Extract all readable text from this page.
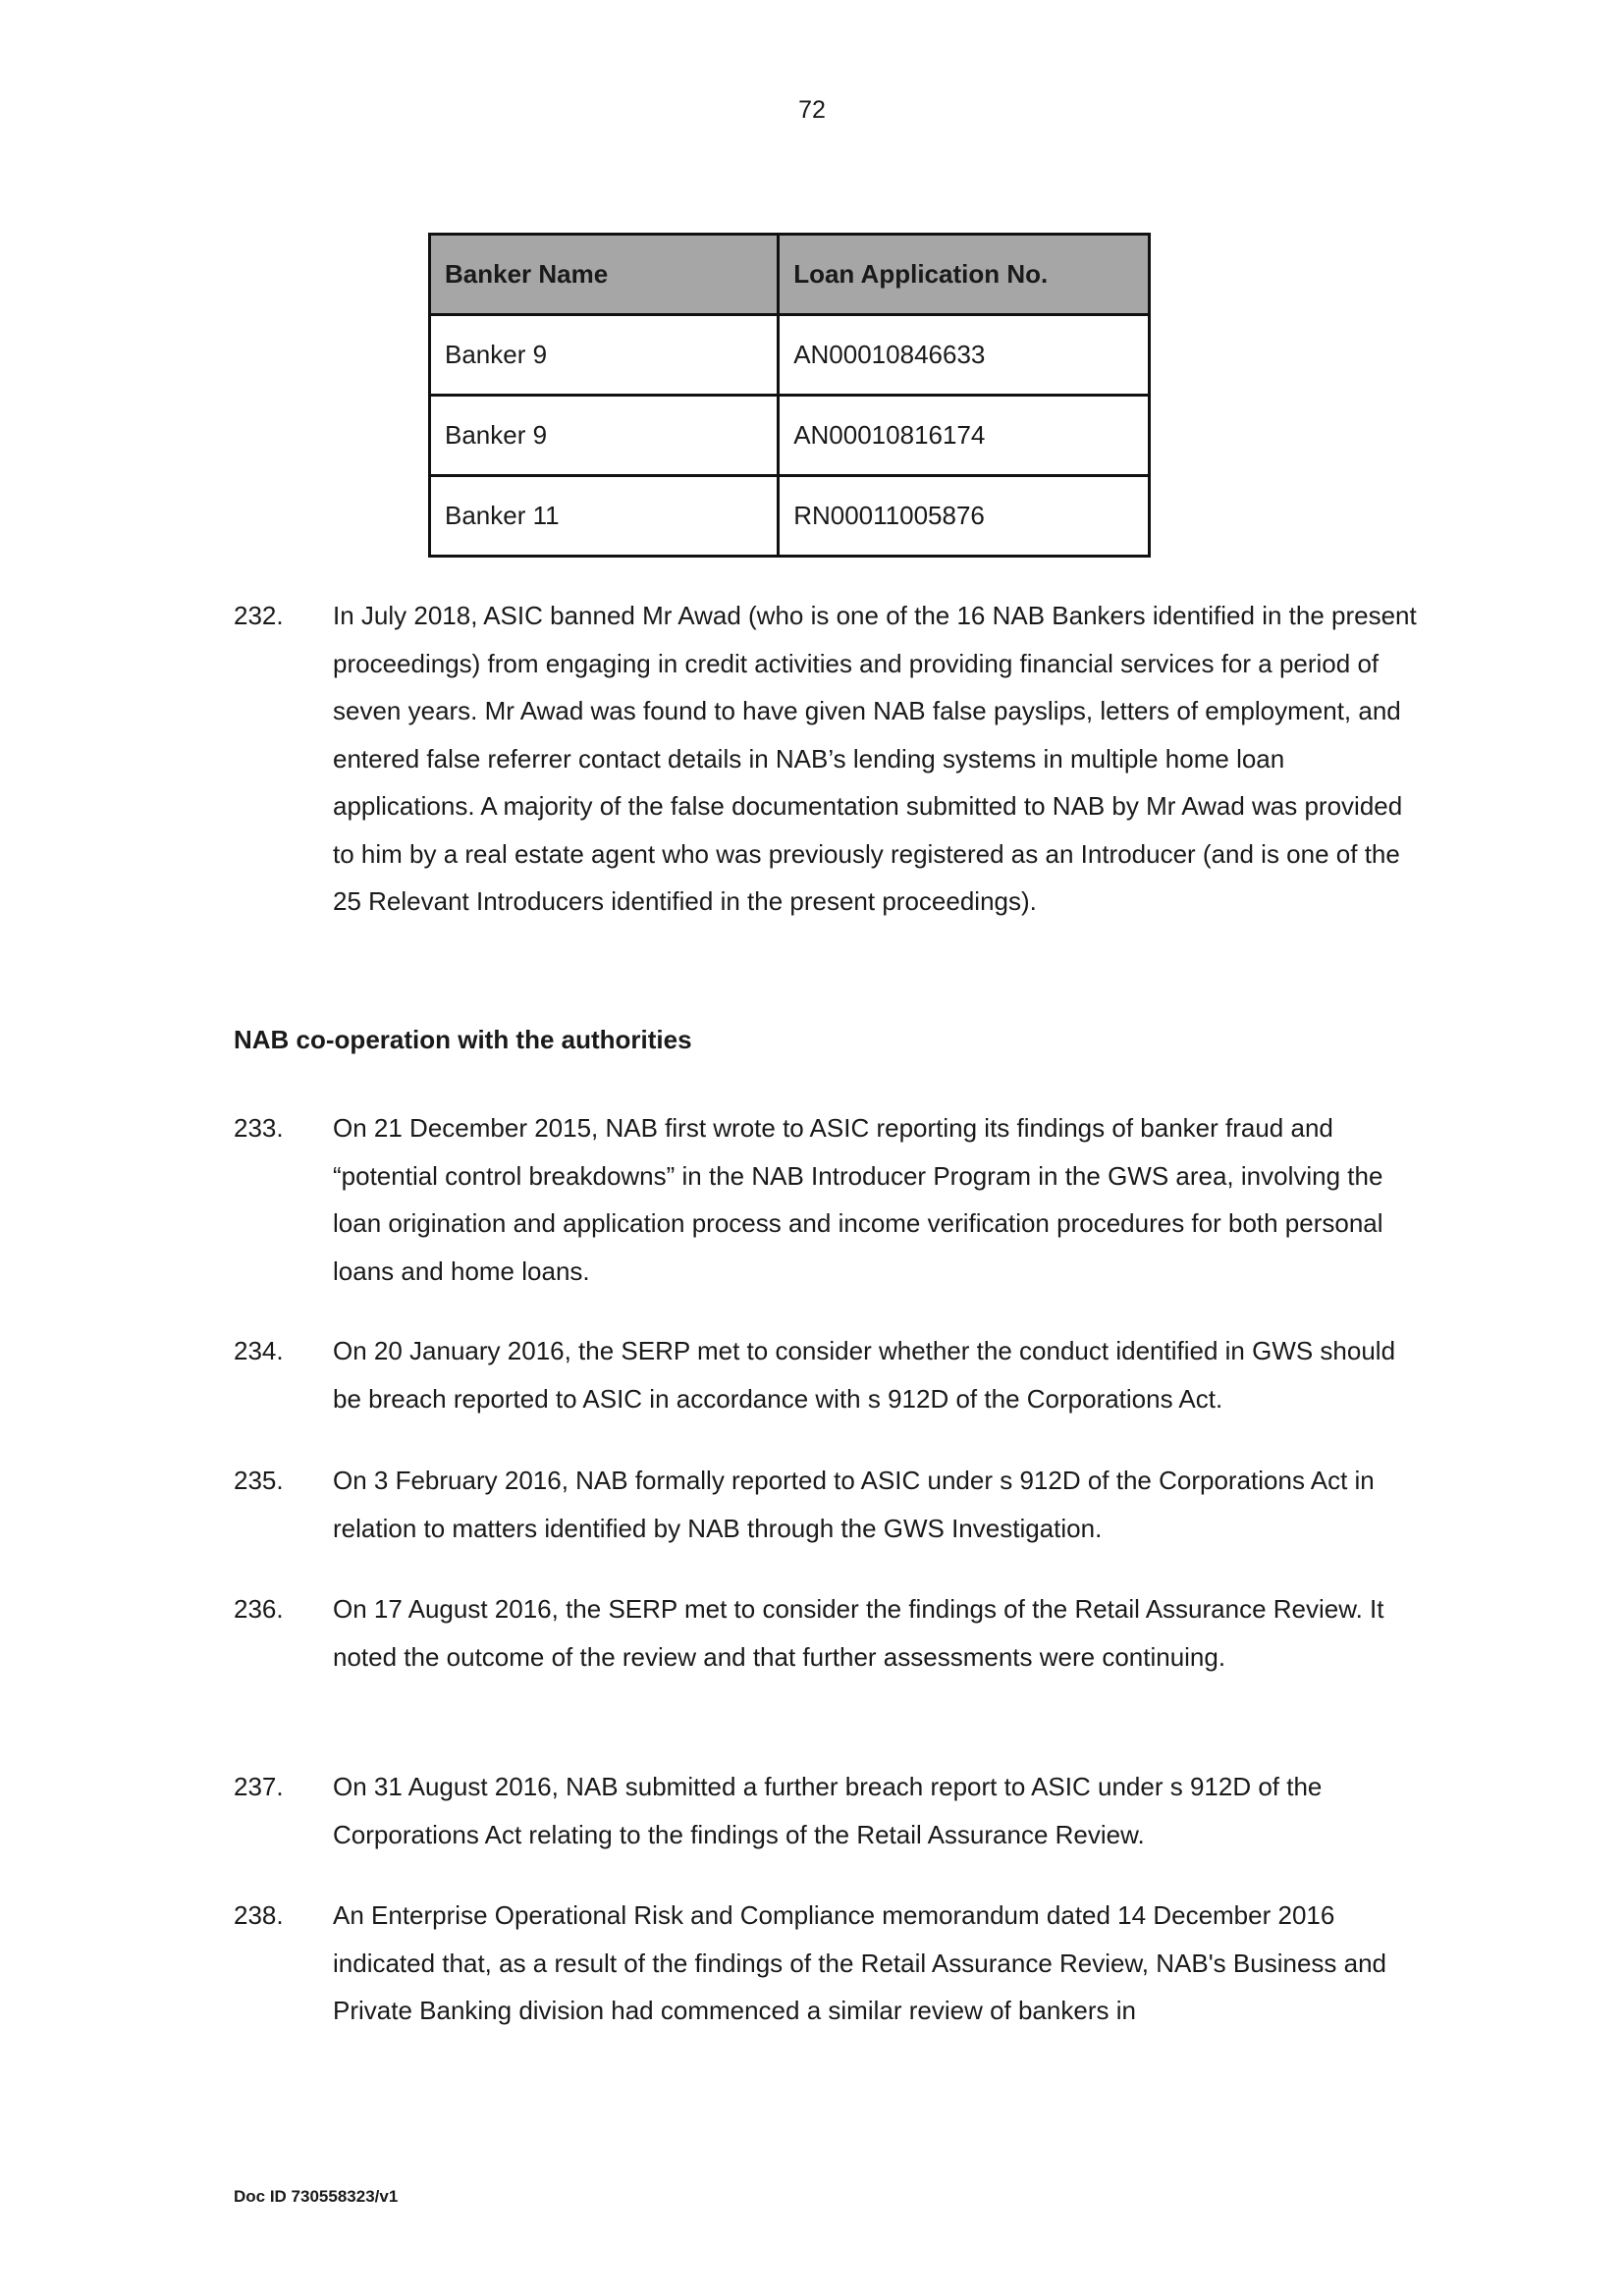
72
Banker Name	Loan Application No.
Banker 9	AN00010846633
Banker 9	AN00010816174
Banker 11	RN00011005876
232. In July 2018, ASIC banned Mr Awad (who is one of the 16 NAB Bankers identified in the present proceedings) from engaging in credit activities and providing financial services for a period of seven years. Mr Awad was found to have given NAB false payslips, letters of employment, and entered false referrer contact details in NAB’s lending systems in multiple home loan applications. A majority of the false documentation submitted to NAB by Mr Awad was provided to him by a real estate agent who was previously registered as an Introducer (and is one of the 25 Relevant Introducers identified in the present proceedings).
NAB co-operation with the authorities
233. On 21 December 2015, NAB first wrote to ASIC reporting its findings of banker fraud and “potential control breakdowns” in the NAB Introducer Program in the GWS area, involving the loan origination and application process and income verification procedures for both personal loans and home loans.
234. On 20 January 2016, the SERP met to consider whether the conduct identified in GWS should be breach reported to ASIC in accordance with s 912D of the Corporations Act.
235. On 3 February 2016, NAB formally reported to ASIC under s 912D of the Corporations Act in relation to matters identified by NAB through the GWS Investigation.
236. On 17 August 2016, the SERP met to consider the findings of the Retail Assurance Review. It noted the outcome of the review and that further assessments were continuing.
237. On 31 August 2016, NAB submitted a further breach report to ASIC under s 912D of the Corporations Act relating to the findings of the Retail Assurance Review.
238. An Enterprise Operational Risk and Compliance memorandum dated 14 December 2016 indicated that, as a result of the findings of the Retail Assurance Review, NAB's Business and Private Banking division had commenced a similar review of bankers in
Doc ID 730558323/v1
